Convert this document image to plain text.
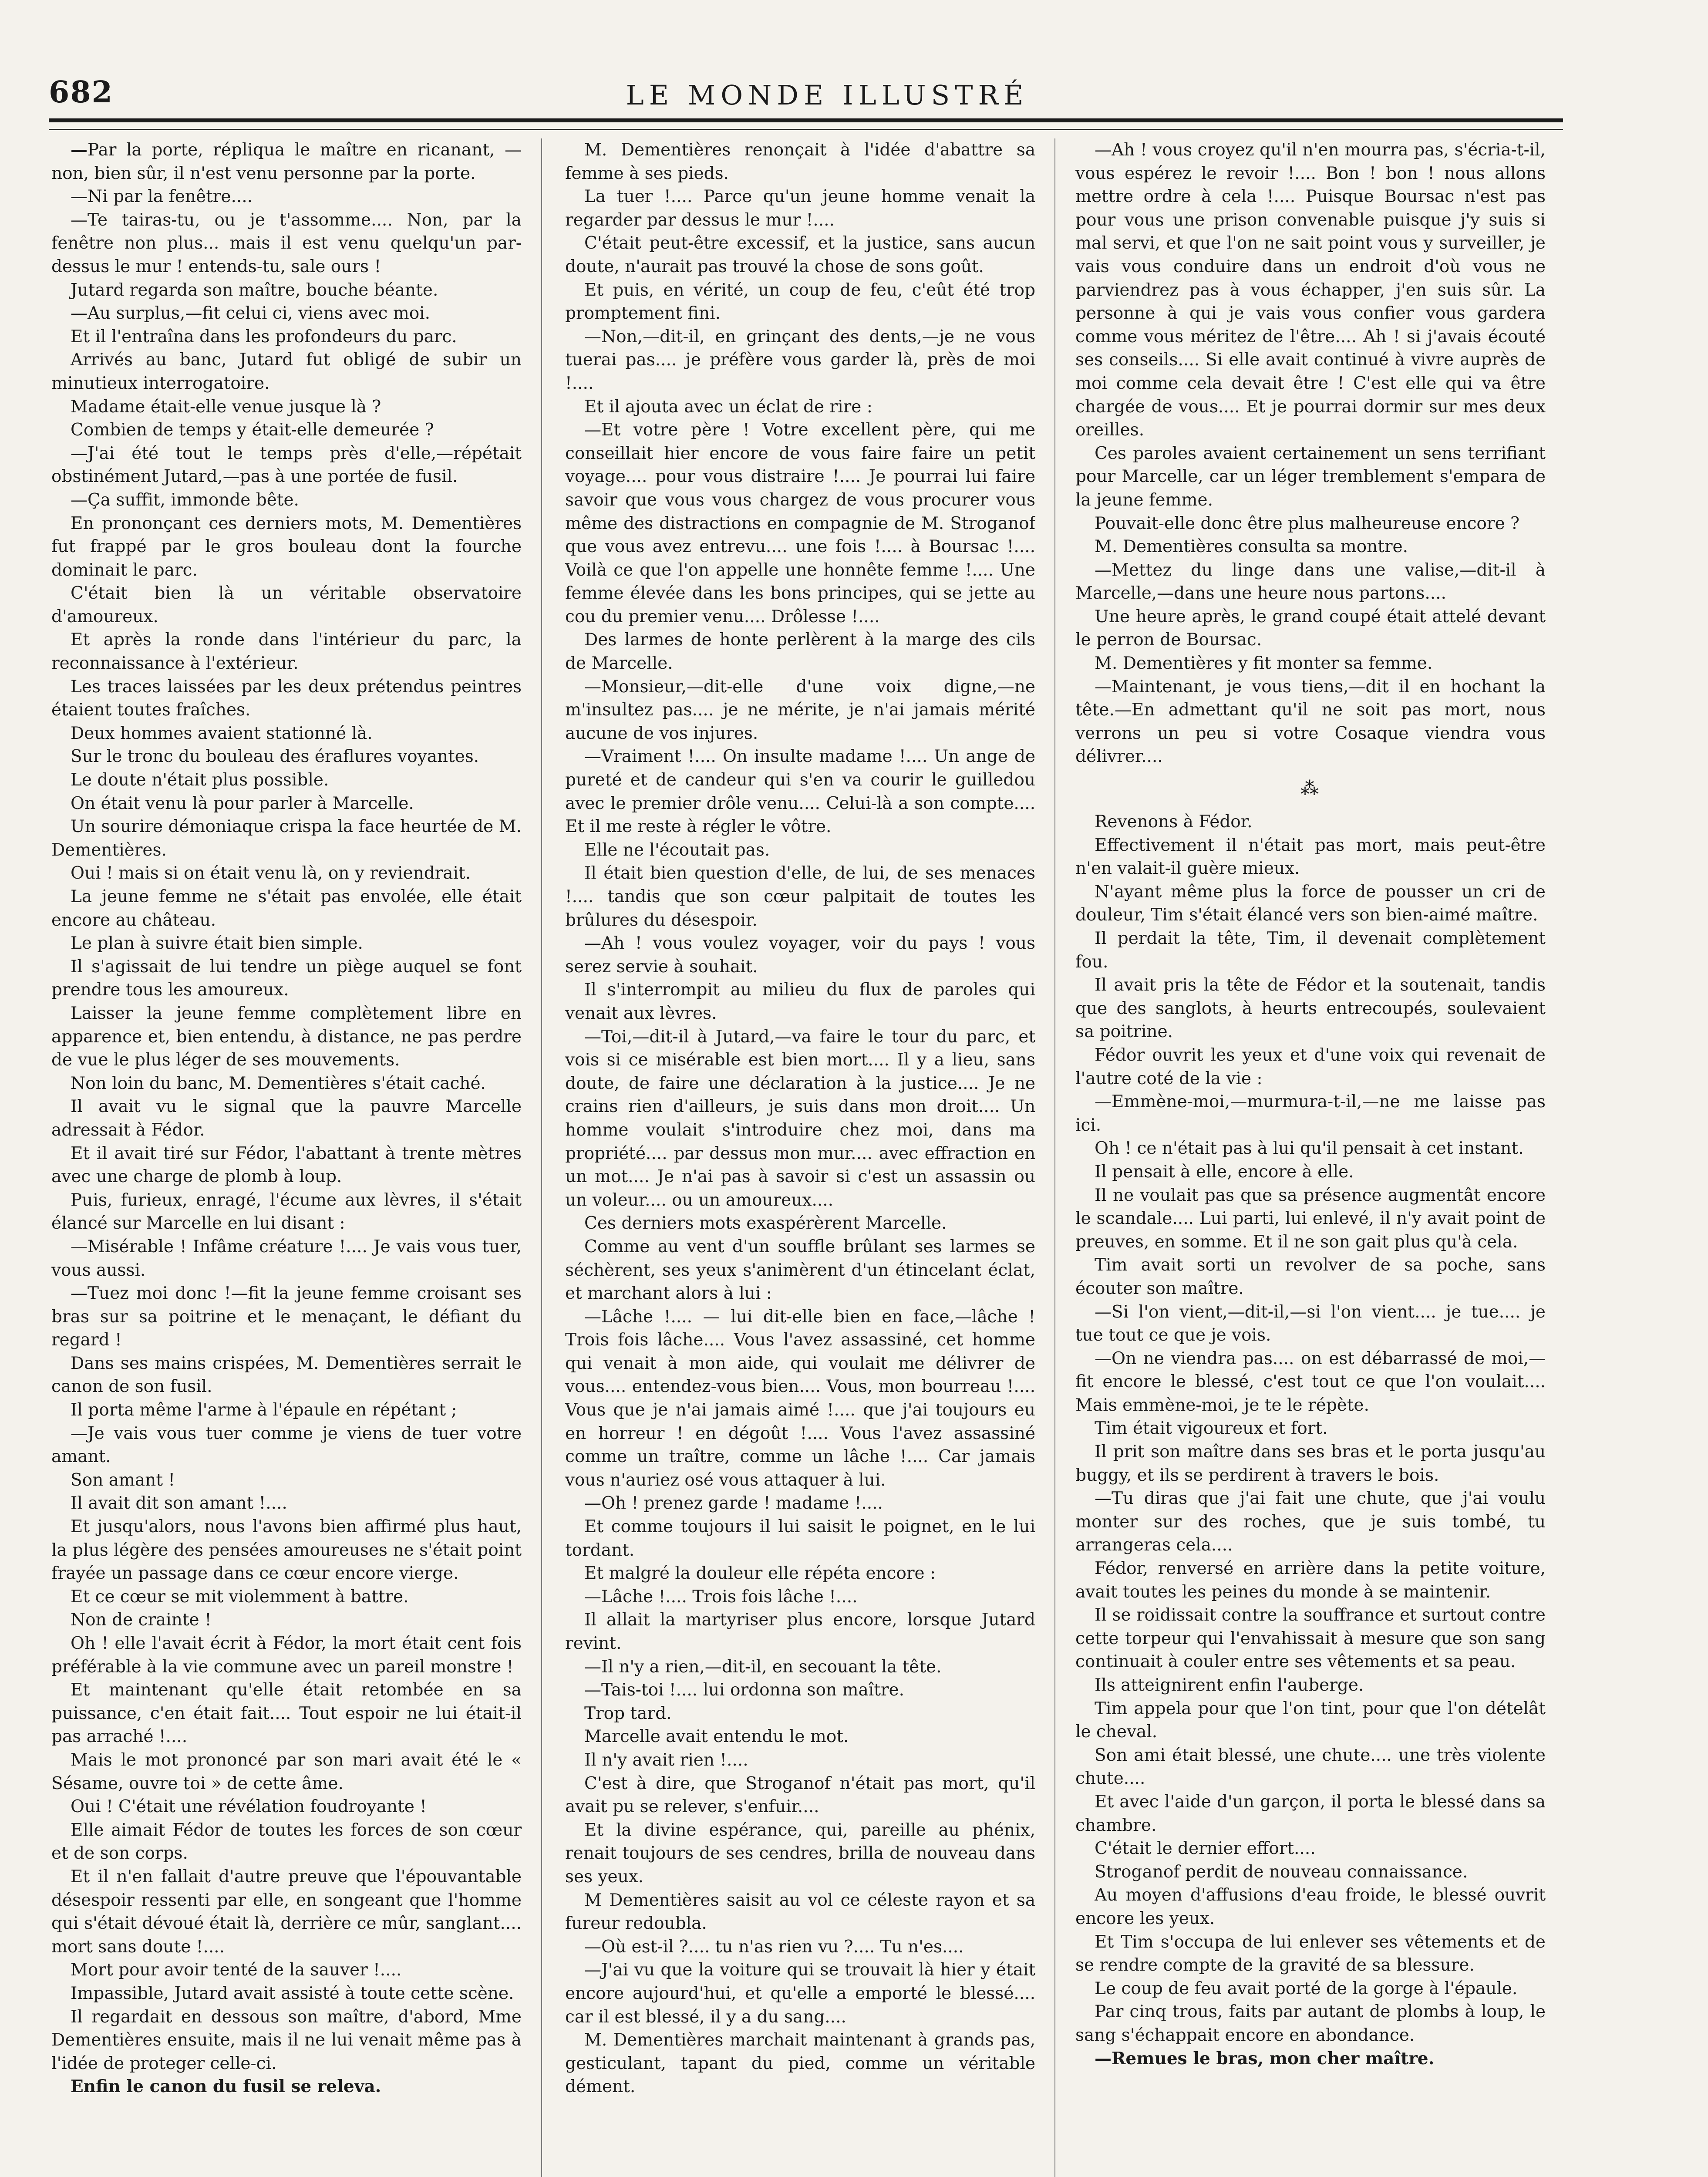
682	LE MONDE ILLUSTRÉ

—Par la porte, répliqua le maître en ricanant, —non, bien sûr, il n'est venu personne par la porte.

—Ni par la fenêtre....

—Te tairas-tu, ou je t'assomme.... Non, par la fenêtre non plus... mais il est venu quelqu'un par-dessus le mur ! entends-tu, sale ours !

Jutard regarda son maître, bouche béante.

—Au surplus,—fit celui ci, viens avec moi.

Et il l'entraîna dans les profondeurs du parc.

Arrivés au banc, Jutard fut obligé de subir un minutieux interrogatoire.

Madame était-elle venue jusque là ?

Combien de temps y était-elle demeurée ?

—J'ai été tout le temps près d'elle,—répétait obstinément Jutard,—pas à une portée de fusil.

—Ça suffit, immonde bête.

En prononçant ces derniers mots, M. Dementières fut frappé par le gros bouleau dont la fourche dominait le parc.

C'était bien là un véritable observatoire d'amoureux.

Et après la ronde dans l'intérieur du parc, la reconnaissance à l'extérieur.

Les traces laissées par les deux prétendus peintres étaient toutes fraîches.

Deux hommes avaient stationné là.

Sur le tronc du bouleau des éraflures voyantes.

Le doute n'était plus possible.

On était venu là pour parler à Marcelle.

Un sourire démoniaque crispa la face heurtée de M. Dementières.

Oui ! mais si on était venu là, on y reviendrait.

La jeune femme ne s'était pas envolée, elle était encore au château.

Le plan à suivre était bien simple.

Il s'agissait de lui tendre un piège auquel se font prendre tous les amoureux.

Laisser la jeune femme complètement libre en apparence et, bien entendu, à distance, ne pas perdre de vue le plus léger de ses mouvements.

Non loin du banc, M. Dementières s'était caché.

Il avait vu le signal que la pauvre Marcelle adressait à Fédor.

Et il avait tiré sur Fédor, l'abattant à trente mètres avec une charge de plomb à loup.

Puis, furieux, enragé, l'écume aux lèvres, il s'était élancé sur Marcelle en lui disant :

—Misérable ! Infâme créature !.... Je vais vous tuer, vous aussi.

—Tuez moi donc !—fit la jeune femme croisant ses bras sur sa poitrine et le menaçant, le défiant du regard !

Dans ses mains crispées, M. Dementières serrait le canon de son fusil.

Il porta même l'arme à l'épaule en répétant ;

—Je vais vous tuer comme je viens de tuer votre amant.

Son amant !

Il avait dit son amant !....

Et jusqu'alors, nous l'avons bien affirmé plus haut, la plus légère des pensées amoureuses ne s'était point frayée un passage dans ce cœur encore vierge.

Et ce cœur se mit violemment à battre.

Non de crainte !

Oh ! elle l'avait écrit à Fédor, la mort était cent fois préférable à la vie commune avec un pareil monstre !

Et maintenant qu'elle était retombée en sa puissance, c'en était fait.... Tout espoir ne lui était-il pas arraché !....

Mais le mot prononcé par son mari avait été le « Sésame, ouvre toi » de cette âme.

Oui ! C'était une révélation foudroyante !

Elle aimait Fédor de toutes les forces de son cœur et de son corps.

Et il n'en fallait d'autre preuve que l'épouvantable désespoir ressenti par elle, en songeant que l'homme qui s'était dévoué était là, derrière ce mûr, sanglant.... mort sans doute !....

Mort pour avoir tenté de la sauver !....

Impassible, Jutard avait assisté à toute cette scène.

Il regardait en dessous son maître, d'abord, Mme Dementières ensuite, mais il ne lui venait même pas à l'idée de proteger celle-ci.

Enfin le canon du fusil se releva.

M. Dementières renonçait à l'idée d'abattre sa femme à ses pieds.

La tuer !.... Parce qu'un jeune homme venait la regarder par dessus le mur !....

C'était peut-être excessif, et la justice, sans aucun doute, n'aurait pas trouvé la chose de sons goût.

Et puis, en vérité, un coup de feu, c'eût été trop promptement fini.

—Non,—dit-il, en grinçant des dents,—je ne vous tuerai pas.... je préfère vous garder là, près de moi !....

Et il ajouta avec un éclat de rire :

—Et votre père ! Votre excellent père, qui me conseillait hier encore de vous faire faire un petit voyage.... pour vous distraire !.... Je pourrai lui faire savoir que vous vous chargez de vous procurer vous même des distractions en compagnie de M. Stroganof que vous avez entrevu.... une fois !.... à Boursac !.... Voilà ce que l'on appelle une honnête femme !.... Une femme élevée dans les bons principes, qui se jette au cou du premier venu.... Drôlesse !....

Des larmes de honte perlèrent à la marge des cils de Marcelle.

—Monsieur,—dit-elle d'une voix digne,—ne m'insultez pas.... je ne mérite, je n'ai jamais mérité aucune de vos injures.

—Vraiment !.... On insulte madame !.... Un ange de pureté et de candeur qui s'en va courir le guilledou avec le premier drôle venu.... Celui-là a son compte.... Et il me reste à régler le vôtre.

Elle ne l'écoutait pas.

Il était bien question d'elle, de lui, de ses menaces !.... tandis que son cœur palpitait de toutes les brûlures du désespoir.

—Ah ! vous voulez voyager, voir du pays ! vous serez servie à souhait.

Il s'interrompit au milieu du flux de paroles qui venait aux lèvres.

—Toi,—dit-il à Jutard,—va faire le tour du parc, et vois si ce misérable est bien mort.... Il y a lieu, sans doute, de faire une déclaration à la justice.... Je ne crains rien d'ailleurs, je suis dans mon droit.... Un homme voulait s'introduire chez moi, dans ma propriété.... par dessus mon mur.... avec effraction en un mot.... Je n'ai pas à savoir si c'est un assassin ou un voleur.... ou un amoureux....

Ces derniers mots exaspérèrent Marcelle.

Comme au vent d'un souffle brûlant ses larmes se séchèrent, ses yeux s'animèrent d'un étincelant éclat, et marchant alors à lui :

—Lâche !.... — lui dit-elle bien en face,—lâche ! Trois fois lâche.... Vous l'avez assassiné, cet homme qui venait à mon aide, qui voulait me délivrer de vous.... entendez-vous bien.... Vous, mon bourreau !.... Vous que je n'ai jamais aimé !.... que j'ai toujours eu en horreur ! en dégoût !.... Vous l'avez assassiné comme un traître, comme un lâche !.... Car jamais vous n'auriez osé vous attaquer à lui.

—Oh ! prenez garde ! madame !....

Et comme toujours il lui saisit le poignet, en le lui tordant.

Et malgré la douleur elle répéta encore :

—Lâche !.... Trois fois lâche !....

Il allait la martyriser plus encore, lorsque Jutard revint.

—Il n'y a rien,—dit-il, en secouant la tête.

—Tais-toi !.... lui ordonna son maître.

Trop tard.

Marcelle avait entendu le mot.

Il n'y avait rien !....

C'est à dire, que Stroganof n'était pas mort, qu'il avait pu se relever, s'enfuir....

Et la divine espérance, qui, pareille au phénix, renait toujours de ses cendres, brilla de nouveau dans ses yeux.

M Dementières saisit au vol ce céleste rayon et sa fureur redoubla.

—Où est-il ?.... tu n'as rien vu ?.... Tu n'es....

—J'ai vu que la voiture qui se trouvait là hier y était encore aujourd'hui, et qu'elle a emporté le blessé.... car il est blessé, il y a du sang....

M. Dementières marchait maintenant à grands pas, gesticulant, tapant du pied, comme un véritable dément.

—Ah ! vous croyez qu'il n'en mourra pas, s'écria-t-il, vous espérez le revoir !.... Bon ! bon ! nous allons mettre ordre à cela !.... Puisque Boursac n'est pas pour vous une prison convenable puisque j'y suis si mal servi, et que l'on ne sait point vous y surveiller, je vais vous conduire dans un endroit d'où vous ne parviendrez pas à vous échapper, j'en suis sûr. La personne à qui je vais vous confier vous gardera comme vous méritez de l'être.... Ah ! si j'avais écouté ses conseils.... Si elle avait continué à vivre auprès de moi comme cela devait être ! C'est elle qui va être chargée de vous.... Et je pourrai dormir sur mes deux oreilles.

Ces paroles avaient certainement un sens terrifiant pour Marcelle, car un léger tremblement s'empara de la jeune femme.

Pouvait-elle donc être plus malheureuse encore ?

M. Dementières consulta sa montre.

—Mettez du linge dans une valise,—dit-il à Marcelle,—dans une heure nous partons....

Une heure après, le grand coupé était attelé devant le perron de Boursac.

M. Dementières y fit monter sa femme.

—Maintenant, je vous tiens,—dit il en hochant la tête.—En admettant qu'il ne soit pas mort, nous verrons un peu si votre Cosaque viendra vous délivrer....

⁂

Revenons à Fédor.

Effectivement il n'était pas mort, mais peut-être n'en valait-il guère mieux.

N'ayant même plus la force de pousser un cri de douleur, Tim s'était élancé vers son bien-aimé maître.

Il perdait la tête, Tim, il devenait complètement fou.

Il avait pris la tête de Fédor et la soutenait, tandis que des sanglots, à heurts entrecoupés, soulevaient sa poitrine.

Fédor ouvrit les yeux et d'une voix qui revenait de l'autre coté de la vie :

—Emmène-moi,—murmura-t-il,—ne me laisse pas ici.

Oh ! ce n'était pas à lui qu'il pensait à cet instant.

Il pensait à elle, encore à elle.

Il ne voulait pas que sa présence augmentât encore le scandale.... Lui parti, lui enlevé, il n'y avait point de preuves, en somme. Et il ne son gait plus qu'à cela.

Tim avait sorti un revolver de sa poche, sans écouter son maître.

—Si l'on vient,—dit-il,—si l'on vient.... je tue.... je tue tout ce que je vois.

—On ne viendra pas.... on est débarrassé de moi,—fit encore le blessé, c'est tout ce que l'on voulait.... Mais emmène-moi, je te le répète.

Tim était vigoureux et fort.

Il prit son maître dans ses bras et le porta jusqu'au buggy, et ils se perdirent à travers le bois.

—Tu diras que j'ai fait une chute, que j'ai voulu monter sur des roches, que je suis tombé, tu arrangeras cela....

Fédor, renversé en arrière dans la petite voiture, avait toutes les peines du monde à se maintenir.

Il se roidissait contre la souffrance et surtout contre cette torpeur qui l'envahissait à mesure que son sang continuait à couler entre ses vêtements et sa peau.

Ils atteignirent enfin l'auberge.

Tim appela pour que l'on tint, pour que l'on dételât le cheval.

Son ami était blessé, une chute.... une très violente chute....

Et avec l'aide d'un garçon, il porta le blessé dans sa chambre.

C'était le dernier effort....

Stroganof perdit de nouveau connaissance.

Au moyen d'affusions d'eau froide, le blessé ouvrit encore les yeux.

Et Tim s'occupa de lui enlever ses vêtements et de se rendre compte de la gravité de sa blessure.

Le coup de feu avait porté de la gorge à l'épaule.

Par cinq trous, faits par autant de plombs à loup, le sang s'échappait encore en abondance.

—Remues le bras, mon cher maître.
